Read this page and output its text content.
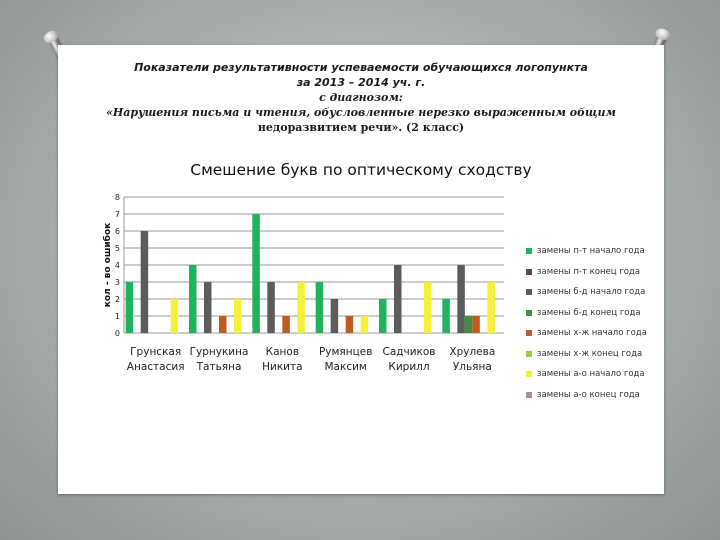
Показатели результативности успеваемости обучающихся логопункта
за 2013 – 2014 уч. г.
с диагнозом:
«Нарушения письма и чтения, обусловленные нерезко выраженным общим
недоразвитием речи». (2 класс)
Смешение букв по оптическому сходству
0
1
2
3
4
5
6
7
8
кол - во ошибок
Грунская
Анастасия
Гурнукина
Татьяна
Канов
Никита
Румянцев
Максим
Садчиков
Кирилл
Хрулева
Ульяна
замены п-т начало года
замены п-т конец года
замены б-д начало года
замены б-д конец года
замены х-ж начало года
замены х-ж конец года
замены а-о начало года
замены а-о конец года
